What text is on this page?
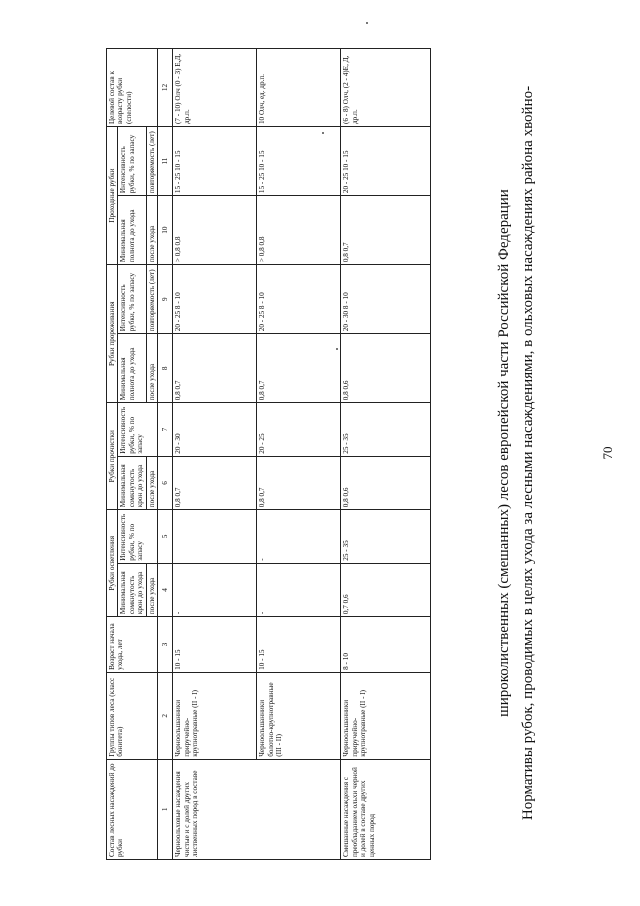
70
Нормативы рубок, проводимых в целях ухода за лесными насаждениями, в ольховых насаждениях района хвойно-
широколиственных (смешанных) лесов европейской части Российской Федерации
Состав лесных насаждений до рубки	Группы типов леса (класс бонитета)	Возраст начала ухода, лет	Рубки осветления		Рубки прочистки		Рубки прореживания		Проходные рубки		Целевой состав к возрасту рубки (спелости)
			Минимальная сомкнутость крон до ухода	Интенсивность рубки, % по запасу	Минимальная сомкнутость крон до ухода	Интенсивность рубки, % по запасу	Минимальная полнота до ухода	Интенсивность рубки, % по запасу	Минимальная полнота до ухода	Интенсивность рубки, % по запасу	
			после ухода		после ухода		после ухода	повторяемость (лет)	после ухода	повторяемость (лет)	
1	2	3	4	5	6	7	8	9	10	11	12
Черноольховые насаждения чистые и с долей других лиственных пород в составе	Черноольшанники приручейно-крупнотравные (II - I)	10 - 15	-		0,8 0,7	20 - 30	0,8 0,7	20 - 25 8 - 10	> 0,8 0,8	15 - 25 10 - 15	(7 - 10) Олч (0 - 3) Е,Д, др.п.
	Черноольшанники болотно-крупнотравные (III - II)	10 - 15	-	-	0,8 0,7	20 - 25	0,8 0,7	20 - 25 8 - 10	> 0,8 0,8	15 - 25 10 - 15	10 Олч, ед. др.п.
Смешанные насаждения с преобладанием ольхи черной и долей в составе других ценных пород	Черноольшанники приручейно-крупнотравные (II - I)	8 - 10	0,7 0,6	25 - 35	0,8 0,6	25 - 35	0,8 0,6	20 - 30 8 - 10	0,8 0,7	20 - 25 10 - 15	(6 - 8) Олч, (2 - 4)Е, Д, др.п.
